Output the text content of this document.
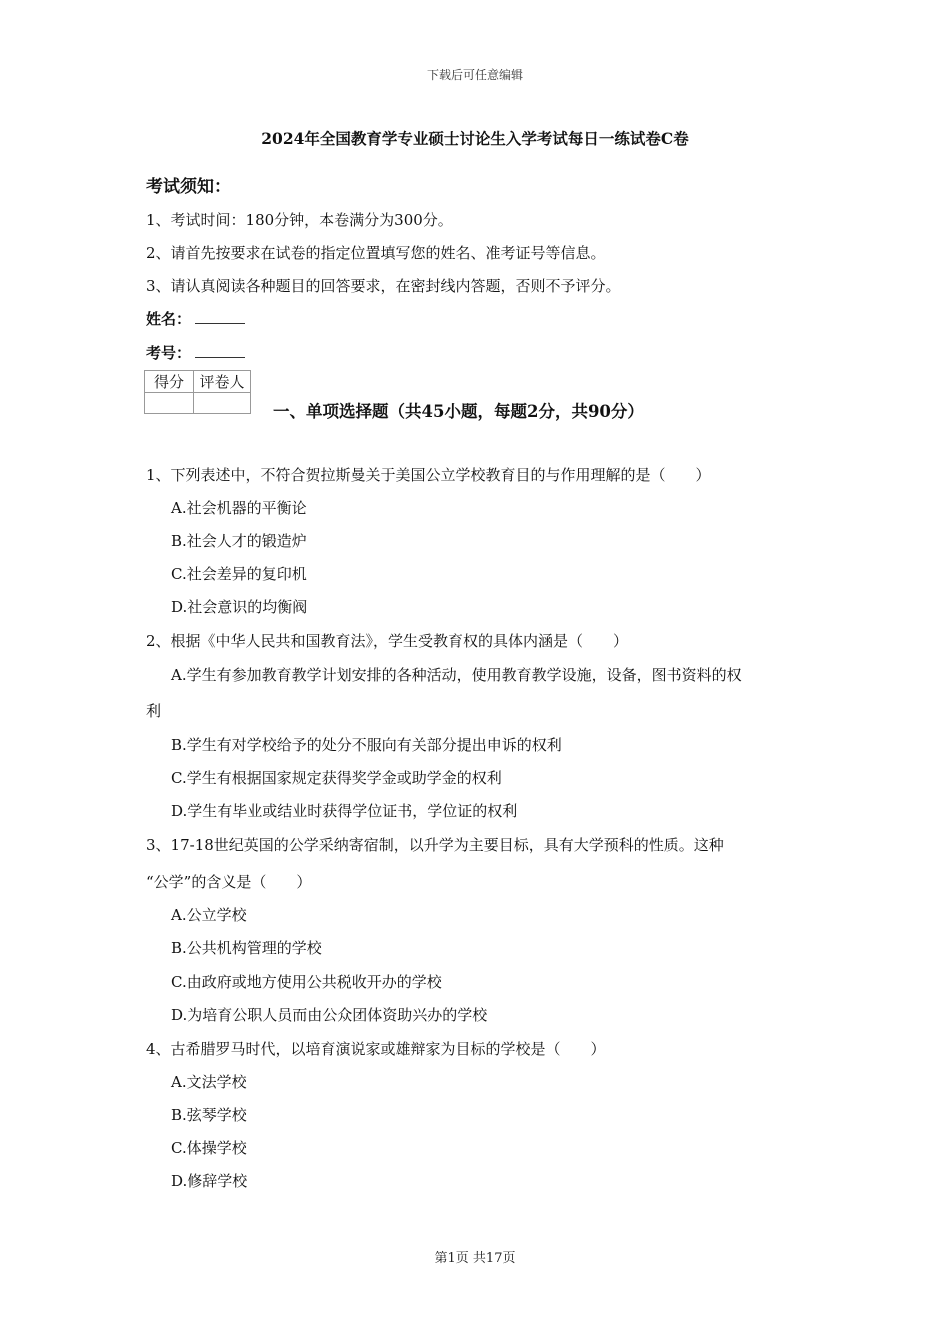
下载后可任意编辑
2024年全国教育学专业硕士讨论生入学考试每日一练试卷C卷
考试须知：
1、考试时间：180分钟，本卷满分为300分。
2、请首先按要求在试卷的指定位置填写您的姓名、准考证号等信息。
3、请认真阅读各种题目的回答要求，在密封线内答题，否则不予评分。
姓名：
考号：
得分	评卷人

一、单项选择题（共45小题，每题2分，共90分）
1、下列表述中，不符合贺拉斯曼关于美国公立学校教育目的与作用理解的是（　　）
A.社会机器的平衡论
B.社会人才的锻造炉
C.社会差异的复印机
D.社会意识的均衡阀
2、根据《中华人民共和国教育法》，学生受教育权的具体内涵是（　　）
A.学生有参加教育教学计划安排的各种活动，使用教育教学设施，设备，图书资料的权
利
B.学生有对学校给予的处分不服向有关部分提出申诉的权利
C.学生有根据国家规定获得奖学金或助学金的权利
D.学生有毕业或结业时获得学位证书，学位证的权利
3、17-18世纪英国的公学采纳寄宿制，以升学为主要目标，具有大学预科的性质。这种
“公学”的含义是（　　）
A.公立学校
B.公共机构管理的学校
C.由政府或地方使用公共税收开办的学校
D.为培育公职人员而由公众团体资助兴办的学校
4、古希腊罗马时代，以培育演说家或雄辩家为目标的学校是（　　）
A.文法学校
B.弦琴学校
C.体操学校
D.修辞学校
第1页 共17页
